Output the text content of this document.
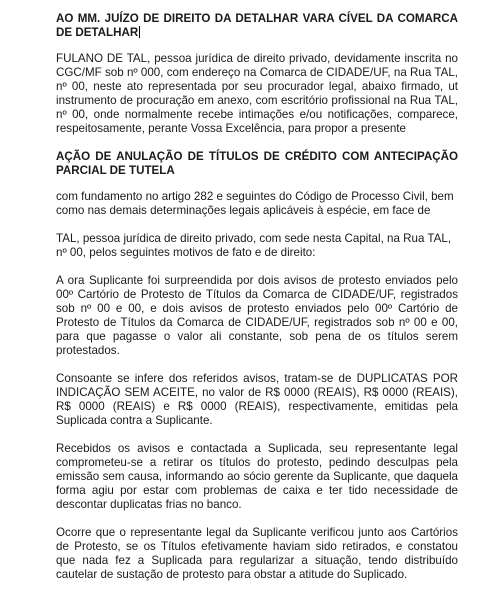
AO MM. JUÍZO DE DIREITO DA DETALHAR VARA CÍVEL DA COMARCA DE DETALHAR

FULANO DE TAL, pessoa jurídica de direito privado, devidamente inscrita no CGC/MF sob nº 000, com endereço na Comarca de CIDADE/UF, na Rua TAL, nº 00, neste ato representada por seu procurador legal, abaixo firmado, ut instrumento de procuração em anexo, com escritório profissional na Rua TAL, nº 00, onde normalmente recebe intimações e/ou notificações, comparece, respeitosamente, perante Vossa Excelência, para propor a presente

AÇÃO DE ANULAÇÃO DE TÍTULOS DE CRÉDITO COM ANTECIPAÇÃO PARCIAL DE TUTELA

com fundamento no artigo 282 e seguintes do Código de Processo Civil, bem como nas demais determinações legais aplicáveis à espécie, em face de

TAL, pessoa jurídica de direito privado, com sede nesta Capital, na Rua TAL, nº 00, pelos seguintes motivos de fato e de direito:

A ora Suplicante foi surpreendida por dois avisos de protesto enviados pelo 00º Cartório de Protesto de Títulos da Comarca de CIDADE/UF, registrados sob nº 00 e 00, e dois avisos de protesto enviados pelo 00º Cartório de Protesto de Títulos da Comarca de CIDADE/UF, registrados sob nº 00 e 00, para que pagasse o valor ali constante, sob pena de os títulos serem protestados.

Consoante se infere dos referidos avisos, tratam-se de DUPLICATAS POR INDICAÇÃO SEM ACEITE, no valor de R$ 0000 (REAIS), R$ 0000 (REAIS), R$ 0000 (REAIS) e R$ 0000 (REAIS), respectivamente, emitidas pela Suplicada contra a Suplicante.

Recebidos os avisos e contactada a Suplicada, seu representante legal comprometeu-se a retirar os títulos do protesto, pedindo desculpas pela emissão sem causa, informando ao sócio gerente da Suplicante, que daquela forma agiu por estar com problemas de caixa e ter tido necessidade de descontar duplicatas frias no banco.

Ocorre que o representante legal da Suplicante verificou junto aos Cartórios de Protesto, se os Títulos efetivamente haviam sido retirados, e constatou que nada fez a Suplicada para regularizar a situação, tendo distribuído cautelar de sustação de protesto para obstar a atitude do Suplicado.
